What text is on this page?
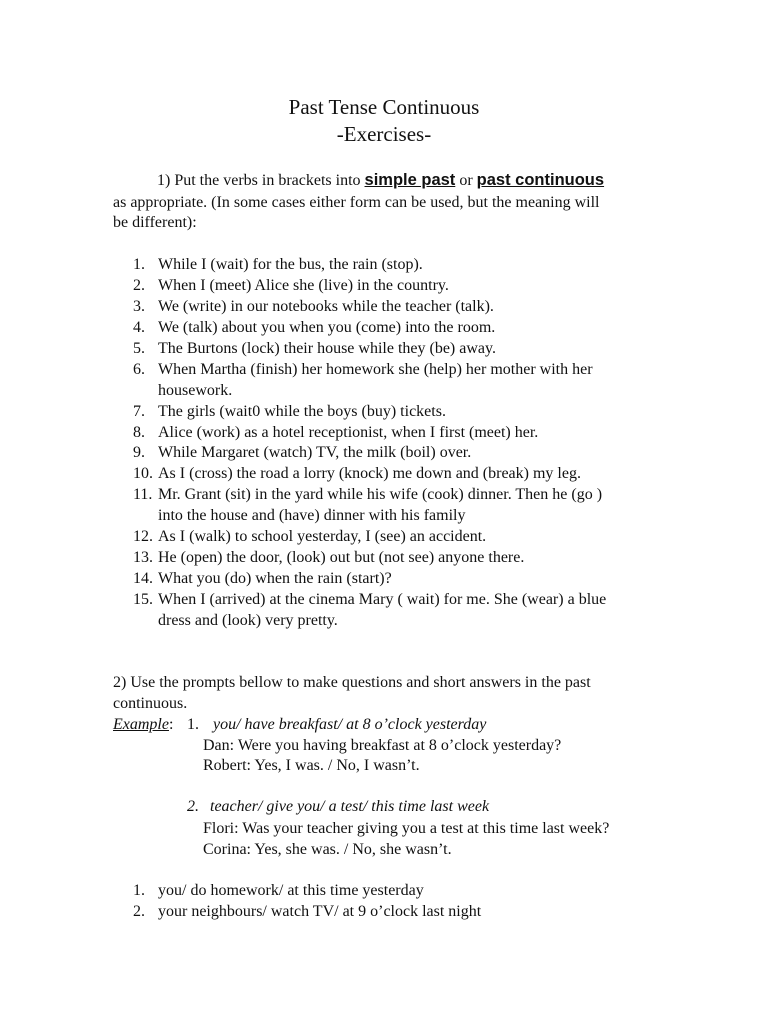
Past Tense Continuous
-Exercises-
1) Put the verbs in brackets into simple past or past continuous
as appropriate. (In some cases either form can be used, but the meaning will
be different):
1. While I (wait) for the bus, the rain (stop).
2. When I (meet) Alice she (live) in the country.
3. We (write) in our notebooks while the teacher (talk).
4. We (talk) about you when you (come) into the room.
5. The Burtons (lock) their house while they (be) away.
6. When Martha (finish) her homework she (help) her mother with her
housework.
7. The girls (wait0 while the boys (buy) tickets.
8. Alice (work) as a hotel receptionist, when I first (meet) her.
9. While Margaret (watch) TV, the milk (boil) over.
10. As I (cross) the road a lorry (knock) me down and (break) my leg.
11. Mr. Grant (sit) in the yard while his wife (cook) dinner. Then he (go )
into the house and (have) dinner with his family
12. As I (walk) to school yesterday, I (see) an accident.
13. He (open) the door, (look) out but (not see) anyone there.
14. What you (do) when the rain (start)?
15. When I (arrived) at the cinema Mary ( wait) for me. She (wear) a blue
dress and (look) very pretty.
2) Use the prompts bellow to make questions and short answers in the past
continuous.
Example: 1. you/ have breakfast/ at 8 o’clock yesterday
Dan: Were you having breakfast at 8 o’clock yesterday?
Robert: Yes, I was. / No, I wasn’t.
2. teacher/ give you/ a test/ this time last week
Flori: Was your teacher giving you a test at this time last week?
Corina: Yes, she was. / No, she wasn’t.
1. you/ do homework/ at this time yesterday
2. your neighbours/ watch TV/ at 9 o’clock last night
